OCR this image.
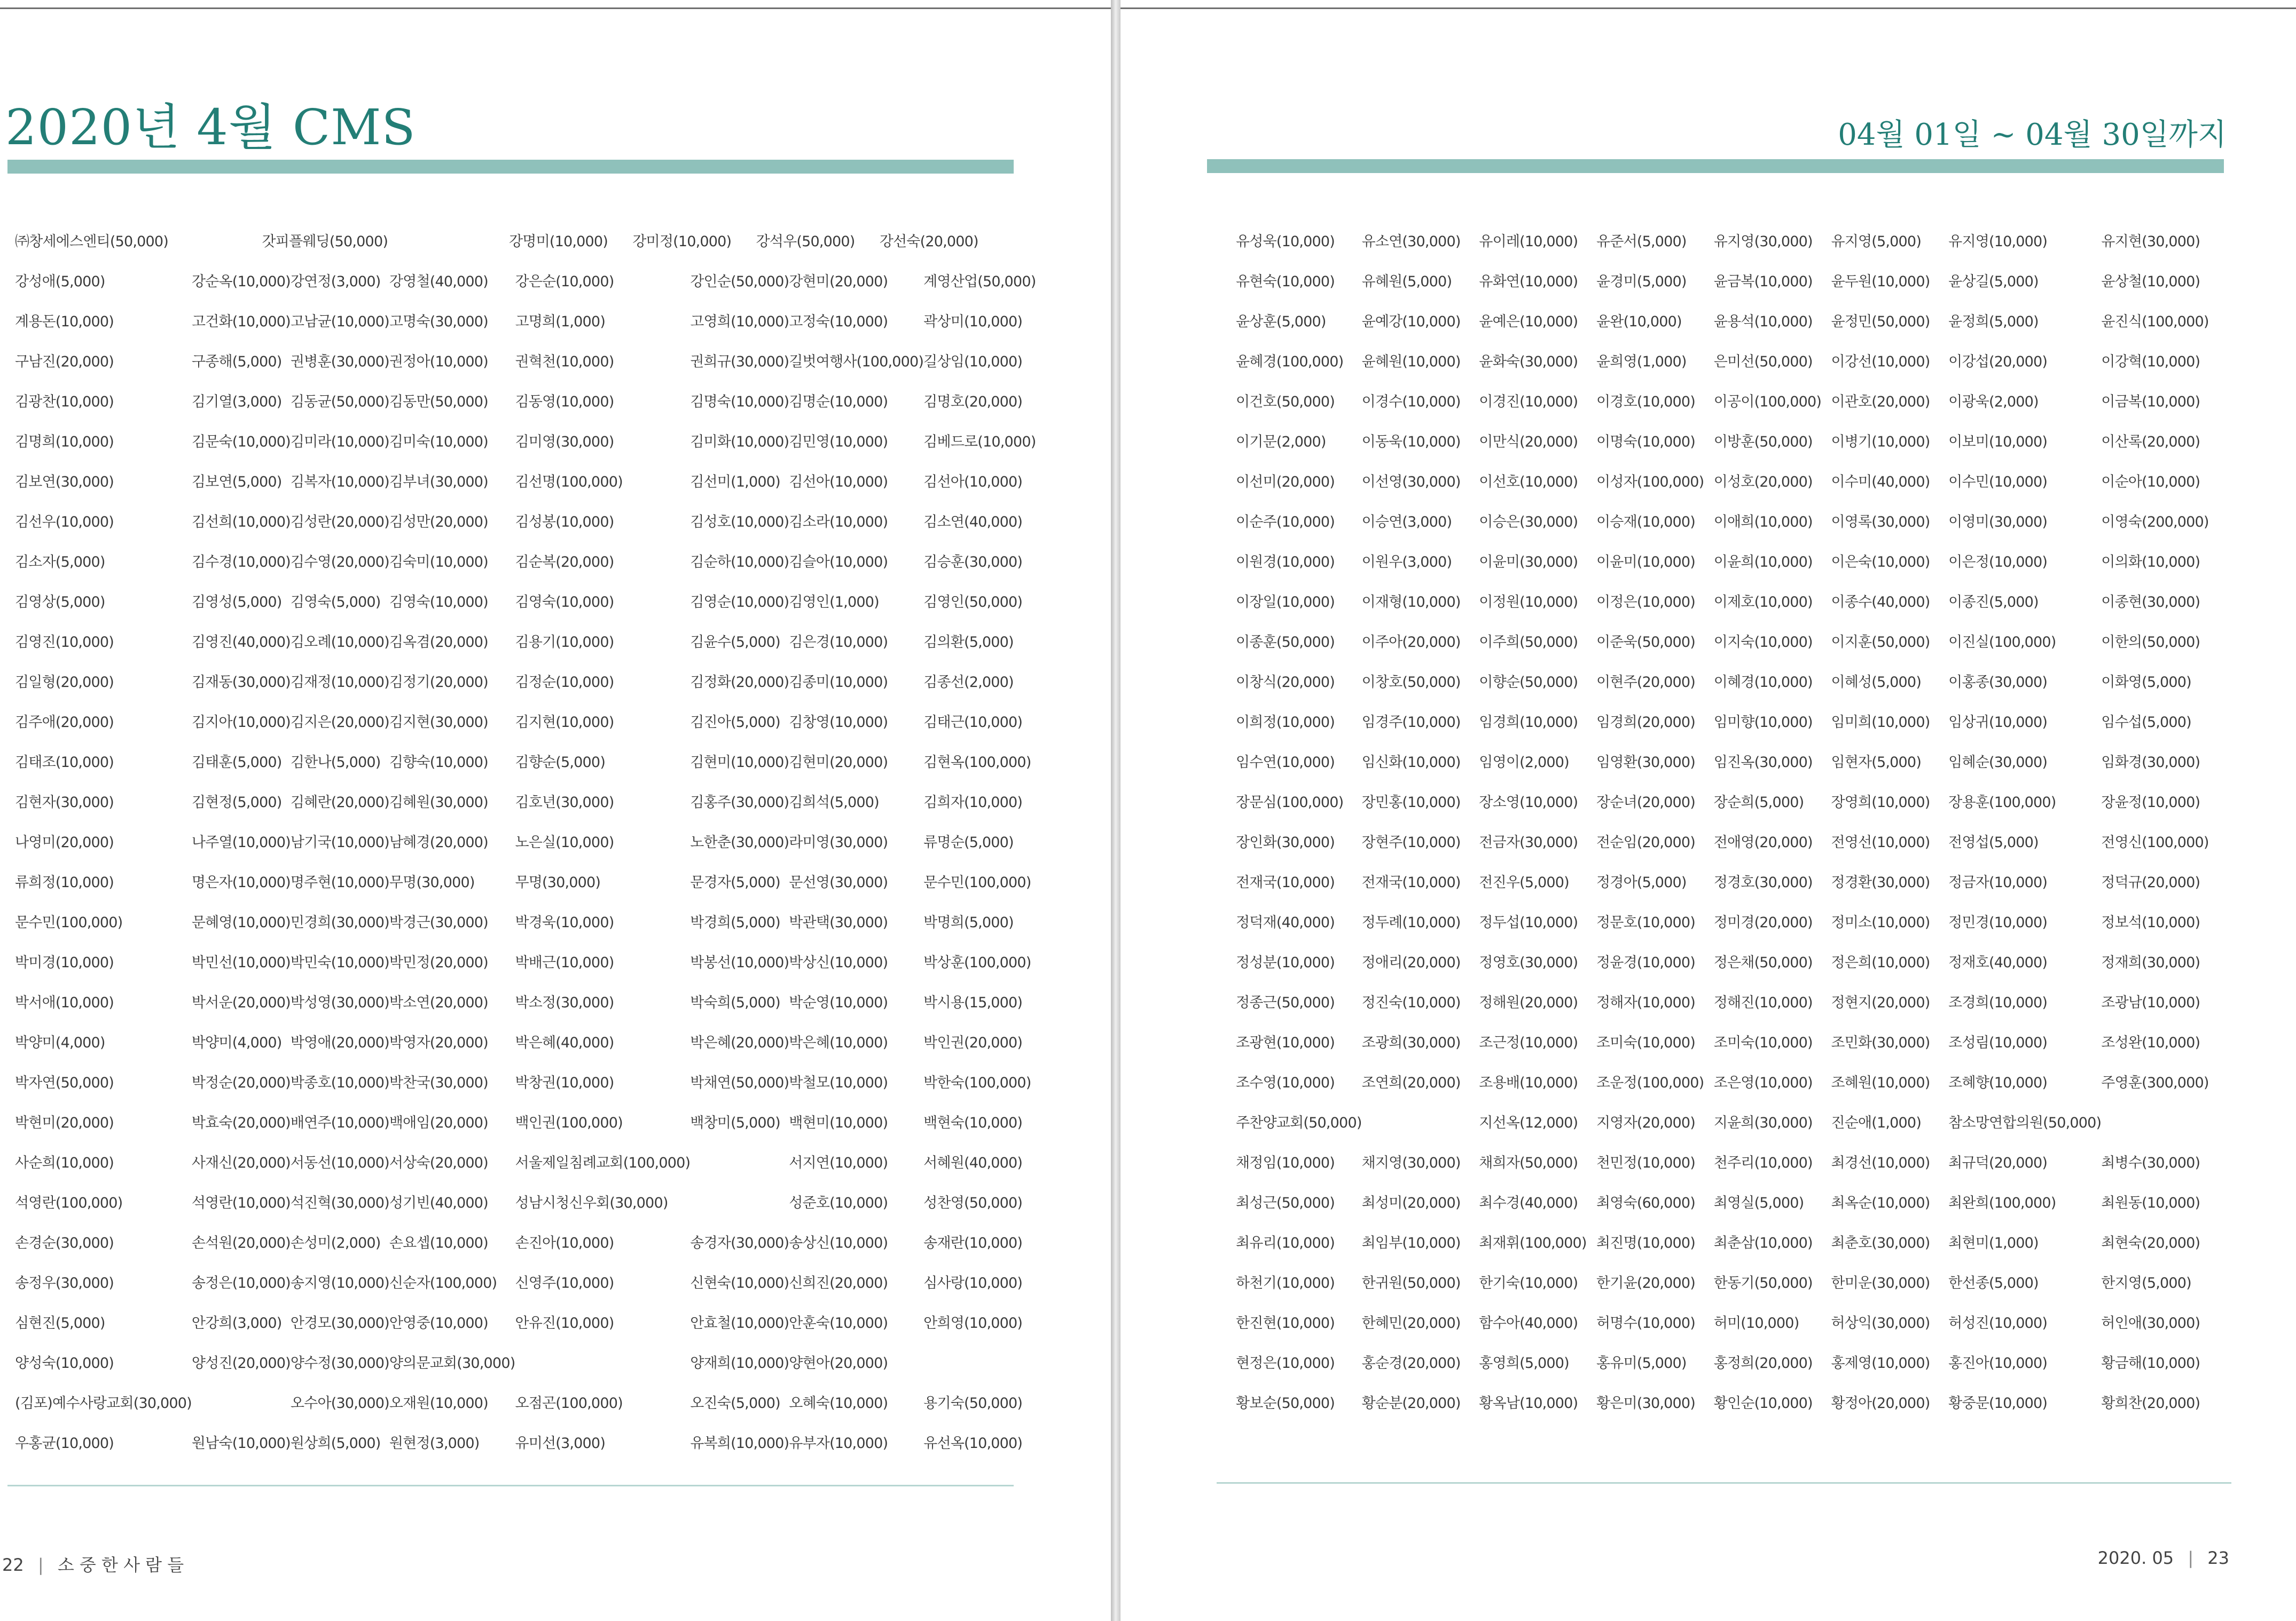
2020년 4월 CMS
㈜창세에스엔티(50,000)	갓피플웨딩(50,000)	강명미(10,000)	강미정(10,000)	강석우(50,000)	강선숙(20,000)
강성애(5,000)	강순옥(10,000) 강연정(3,000) 강영철(40,000)	강은순(10,000)	강인순(50,000) 강현미(20,000)	계영산업(50,000)
계용돈(10,000)	고건화(10,000) 고남균(10,000) 고명숙(30,000)	고명희(1,000)	고영희(10,000) 고정숙(10,000)	곽상미(10,000)
구남진(20,000)	구종해(5,000) 권병훈(30,000) 권정아(10,000)	권혁천(10,000)	권희규(30,000) 길벗여행사(100,000) 길상임(10,000)
김광찬(10,000)	김기열(3,000) 김동균(50,000) 김동만(50,000)	김동영(10,000)	김명숙(10,000) 김명순(10,000)	김명호(20,000)
김명희(10,000)	김문숙(10,000) 김미라(10,000) 김미숙(10,000)	김미영(30,000)	김미화(10,000) 김민영(10,000)	김베드로(10,000)
김보연(30,000)	김보연(5,000) 김복자(10,000) 김부녀(30,000)	김선명(100,000)	김선미(1,000) 김선아(10,000)	김선아(10,000)
김선우(10,000)	김선희(10,000) 김성란(20,000) 김성만(20,000)	김성봉(10,000)	김성호(10,000) 김소라(10,000)	김소연(40,000)
김소자(5,000)	김수경(10,000) 김수영(20,000) 김숙미(10,000)	김순복(20,000)	김순하(10,000) 김슬아(10,000)	김승훈(30,000)
김영상(5,000)	김영성(5,000) 김영숙(5,000) 김영숙(10,000)	김영숙(10,000)	김영순(10,000) 김영인(1,000)	김영인(50,000)
김영진(10,000)	김영진(40,000) 김오례(10,000) 김옥겸(20,000)	김용기(10,000)	김윤수(5,000) 김은경(10,000)	김의환(5,000)
김일형(20,000)	김재동(30,000) 김재정(10,000) 김정기(20,000)	김정순(10,000)	김정화(20,000) 김종미(10,000)	김종선(2,000)
김주애(20,000)	김지아(10,000) 김지은(20,000) 김지현(30,000)	김지현(10,000)	김진아(5,000) 김창영(10,000)	김태근(10,000)
김태조(10,000)	김태훈(5,000) 김한나(5,000) 김향숙(10,000)	김향순(5,000)	김현미(10,000) 김현미(20,000)	김현옥(100,000)
김현자(30,000)	김현정(5,000) 김혜란(20,000) 김혜원(30,000)	김호년(30,000)	김홍주(30,000) 김희석(5,000)	김희자(10,000)
나영미(20,000)	나주열(10,000) 남기국(10,000) 남혜경(20,000)	노은실(10,000)	노한춘(30,000) 라미영(30,000)	류명순(5,000)
류희정(10,000)	명은자(10,000) 명주현(10,000) 무명(30,000)	무명(30,000)	문경자(5,000) 문선영(30,000)	문수민(100,000)
문수민(100,000)	문혜영(10,000) 민경희(30,000) 박경근(30,000)	박경욱(10,000)	박경희(5,000) 박관택(30,000)	박명희(5,000)
박미경(10,000)	박민선(10,000) 박민숙(10,000) 박민정(20,000)	박배근(10,000)	박봉선(10,000) 박상신(10,000)	박상훈(100,000)
박서애(10,000)	박서운(20,000) 박성영(30,000) 박소연(20,000)	박소정(30,000)	박숙희(5,000) 박순영(10,000)	박시용(15,000)
박양미(4,000)	박양미(4,000) 박영애(20,000) 박영자(20,000)	박은혜(40,000)	박은혜(20,000) 박은혜(10,000)	박인권(20,000)
박자연(50,000)	박정순(20,000) 박종호(10,000) 박찬국(30,000)	박창권(10,000)	박채연(50,000) 박철모(10,000)	박한숙(100,000)
박현미(20,000)	박효숙(20,000) 배연주(10,000) 백애임(20,000)	백인권(100,000)	백창미(5,000) 백현미(10,000)	백현숙(10,000)
사순희(10,000)	사재신(20,000) 서동선(10,000) 서상숙(20,000)	서울제일침례교회(100,000)	서지연(10,000)	서혜원(40,000)
석영란(100,000)	석영란(10,000) 석진혁(30,000) 성기빈(40,000)	성남시청신우회(30,000)	성준호(10,000)	성찬영(50,000)
손경순(30,000)	손석원(20,000) 손성미(2,000) 손요셉(10,000)	손진아(10,000)	송경자(30,000) 송상신(10,000)	송재란(10,000)
송정우(30,000)	송정은(10,000) 송지영(10,000) 신순자(100,000)	신영주(10,000)	신현숙(10,000) 신희진(20,000)	심사랑(10,000)
심현진(5,000)	안강희(3,000) 안경모(30,000) 안영중(10,000)	안유진(10,000)	안효철(10,000) 안훈숙(10,000)	안희영(10,000)
양성숙(10,000)	양성진(20,000) 양수정(30,000) 양의문교회(30,000)	양재희(10,000) 양현아(20,000)
(김포)예수사랑교회(30,000)	오수아(30,000) 오재원(10,000)	오점곤(100,000)	오진숙(5,000) 오혜숙(10,000)	용기숙(50,000)
우홍균(10,000)	원남숙(10,000) 원상희(5,000) 원현정(3,000)	유미선(3,000)	유복희(10,000) 유부자(10,000)	유선옥(10,000)
22 | 소 중 한 사 람 들
04월 01일 ~ 04월 30일까지
유성욱(10,000)	유소연(30,000)	유이레(10,000)	유준서(5,000)	유지영(30,000)	유지영(5,000)	유지영(10,000)	유지현(30,000)
유현숙(10,000)	유혜원(5,000)	유화연(10,000)	윤경미(5,000)	윤금복(10,000)	윤두원(10,000)	윤상길(5,000)	윤상철(10,000)
윤상훈(5,000)	윤예강(10,000)	윤예은(10,000)	윤완(10,000)	윤용석(10,000)	윤정민(50,000)	윤정희(5,000)	윤진식(100,000)
윤혜경(100,000)	윤혜원(10,000)	윤화숙(30,000)	윤희영(1,000)	은미선(50,000)	이강선(10,000)	이강섭(20,000)	이강혁(10,000)
이건호(50,000)	이경수(10,000)	이경진(10,000)	이경호(10,000)	이공이(100,000) 이관호(20,000)	이광욱(2,000)	이금복(10,000)
이기문(2,000)	이동욱(10,000)	이만식(20,000)	이명숙(10,000)	이방훈(50,000)	이병기(10,000)	이보미(10,000)	이산록(20,000)
이선미(20,000)	이선영(30,000)	이선호(10,000)	이성자(100,000) 이성호(20,000)	이수미(40,000)	이수민(10,000)	이순아(10,000)
이순주(10,000)	이승연(3,000)	이승은(30,000)	이승재(10,000)	이애희(10,000)	이영록(30,000)	이영미(30,000)	이영숙(200,000)
이원경(10,000)	이원우(3,000)	이윤미(30,000)	이윤미(10,000)	이윤희(10,000)	이은숙(10,000)	이은정(10,000)	이의화(10,000)
이장일(10,000)	이재형(10,000)	이정원(10,000)	이정은(10,000)	이제호(10,000)	이종수(40,000)	이종진(5,000)	이종현(30,000)
이종훈(50,000)	이주아(20,000)	이주희(50,000)	이준욱(50,000)	이지숙(10,000)	이지훈(50,000)	이진실(100,000)	이한의(50,000)
이창식(20,000)	이창호(50,000)	이향순(50,000)	이현주(20,000)	이혜경(10,000)	이혜성(5,000)	이홍종(30,000)	이화영(5,000)
이희정(10,000)	임경주(10,000)	임경희(10,000)	임경희(20,000)	임미향(10,000)	임미희(10,000)	임상귀(10,000)	임수섭(5,000)
임수연(10,000)	임신화(10,000)	임영이(2,000)	임영환(30,000)	임진옥(30,000)	임현자(5,000)	임혜순(30,000)	임화경(30,000)
장문심(100,000)	장민홍(10,000)	장소영(10,000)	장순녀(20,000)	장순희(5,000)	장영희(10,000)	장용훈(100,000)	장윤정(10,000)
장인화(30,000)	장현주(10,000)	전금자(30,000)	전순임(20,000)	전애영(20,000)	전영선(10,000)	전영섭(5,000)	전영신(100,000)
전재국(10,000)	전재국(10,000)	전진우(5,000)	정경아(5,000)	정경호(30,000)	정경환(30,000)	정금자(10,000)	정덕규(20,000)
정덕재(40,000)	정두례(10,000)	정두섭(10,000)	정문호(10,000)	정미경(20,000)	정미소(10,000)	정민경(10,000)	정보석(10,000)
정성분(10,000)	정애리(20,000)	정영호(30,000)	정윤경(10,000)	정은채(50,000)	정은희(10,000)	정재호(40,000)	정재희(30,000)
정종근(50,000)	정진숙(10,000)	정해원(20,000)	정해자(10,000)	정해진(10,000)	정현지(20,000)	조경희(10,000)	조광남(10,000)
조광현(10,000)	조광희(30,000)	조근정(10,000)	조미숙(10,000)	조미숙(10,000)	조민화(30,000)	조성림(10,000)	조성완(10,000)
조수영(10,000)	조연희(20,000)	조용배(10,000)	조운정(100,000) 조은영(10,000)	조혜원(10,000)	조혜향(10,000)	주영훈(300,000)
주찬양교회(50,000)	지선옥(12,000)	지영자(20,000)	지윤희(30,000)	진순애(1,000)	참소망연합의원(50,000)
채정임(10,000)	채지영(30,000)	채희자(50,000)	천민정(10,000)	천주리(10,000)	최경선(10,000)	최규덕(20,000)	최병수(30,000)
최성근(50,000)	최성미(20,000)	최수경(40,000)	최영숙(60,000)	최영실(5,000)	최옥순(10,000)	최완희(100,000)	최원동(10,000)
최유리(10,000)	최임부(10,000)	최재휘(100,000) 최진명(10,000)	최춘삼(10,000)	최춘호(30,000)	최현미(1,000)	최현숙(20,000)
하천기(10,000)	한귀원(50,000)	한기숙(10,000)	한기윤(20,000)	한동기(50,000)	한미운(30,000)	한선종(5,000)	한지영(5,000)
한진현(10,000)	한혜민(20,000)	함수아(40,000)	허명수(10,000)	허미(10,000)	허상익(30,000)	허성진(10,000)	허인애(30,000)
현정은(10,000)	홍순경(20,000)	홍영희(5,000)	홍유미(5,000)	홍정희(20,000)	홍제영(10,000)	홍진아(10,000)	황금해(10,000)
황보순(50,000)	황순분(20,000)	황옥남(10,000)	황은미(30,000)	황인순(10,000)	황정아(20,000)	황중문(10,000)	황희찬(20,000)
2020. 05 | 23
